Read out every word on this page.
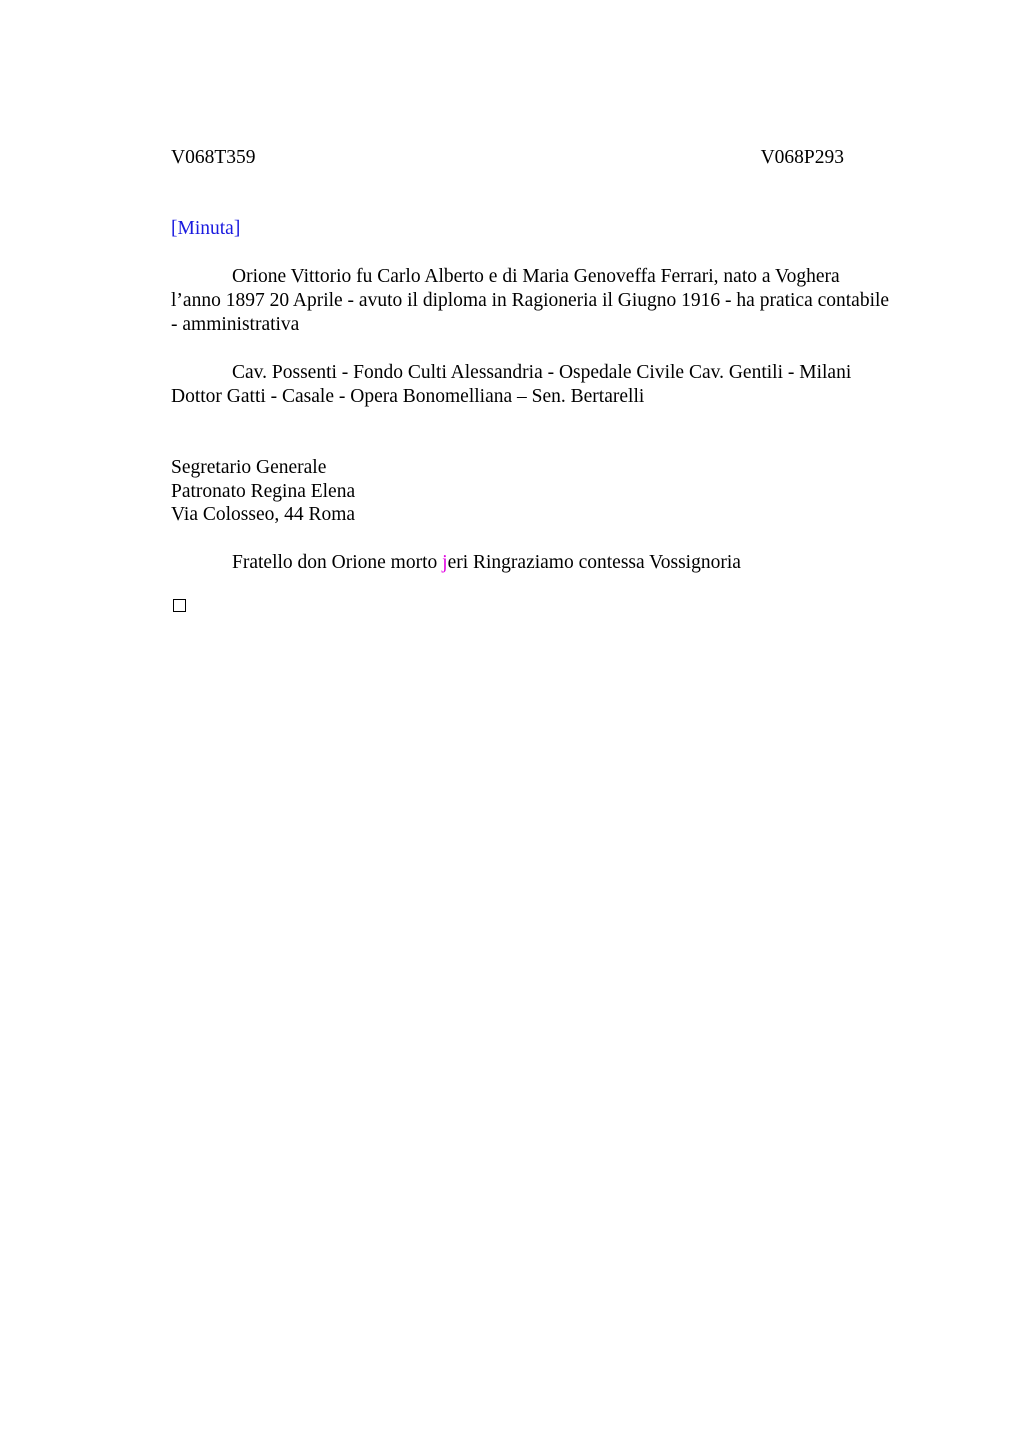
V068T359	V068P293
[Minuta]
Orione Vittorio fu Carlo Alberto e di Maria Genoveffa Ferrari, nato a Voghera l’anno 1897 20 Aprile - avuto il diploma in Ragioneria il Giugno 1916 - ha pratica contabile - amministrativa
Cav. Possenti - Fondo Culti Alessandria - Ospedale Civile Cav. Gentili - Milani Dottor Gatti - Casale - Opera Bonomelliana – Sen. Bertarelli
Segretario Generale
Patronato Regina Elena
Via Colosseo, 44 Roma
Fratello don Orione morto jeri Ringraziamo contessa Vossignoria
